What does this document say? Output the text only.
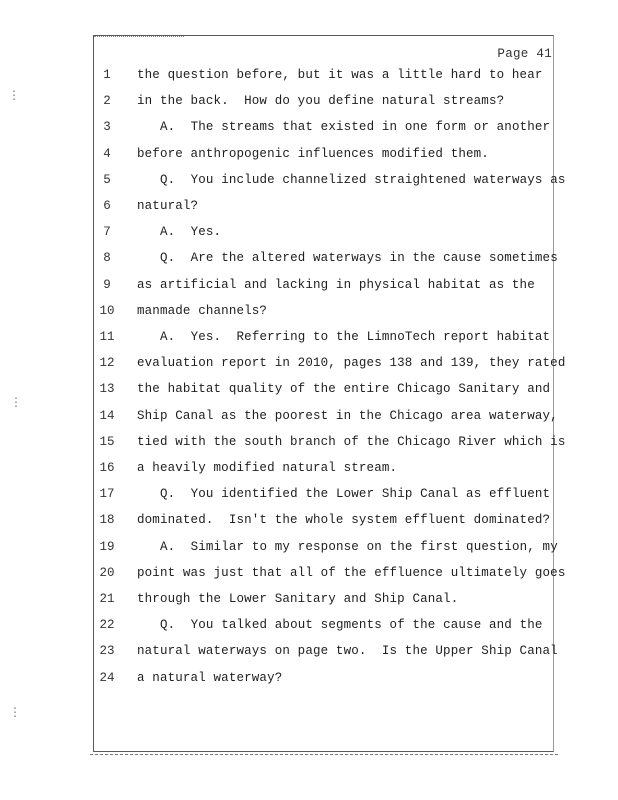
⋮
⋮
⋮
Page 41
1	the question before, but it was a little hard to hear
2	in the back.  How do you define natural streams?
3	A.  The streams that existed in one form or another
4	before anthropogenic influences modified them.
5	Q.  You include channelized straightened waterways as
6	natural?
7	A.  Yes.
8	Q.  Are the altered waterways in the cause sometimes
9	as artificial and lacking in physical habitat as the
10 manmade channels?
11	A.  Yes.  Referring to the LimnoTech report habitat
12 evaluation report in 2010, pages 138 and 139, they rated
13 the habitat quality of the entire Chicago Sanitary and
14 Ship Canal as the poorest in the Chicago area waterway,
15 tied with the south branch of the Chicago River which is
16 a heavily modified natural stream.
17	Q.  You identified the Lower Ship Canal as effluent
18 dominated.  Isn't the whole system effluent dominated?
19	A.  Similar to my response on the first question, my
20 point was just that all of the effluence ultimately goes
21 through the Lower Sanitary and Ship Canal.
22	Q.  You talked about segments of the cause and the
23 natural waterways on page two.  Is the Upper Ship Canal
24 a natural waterway?
